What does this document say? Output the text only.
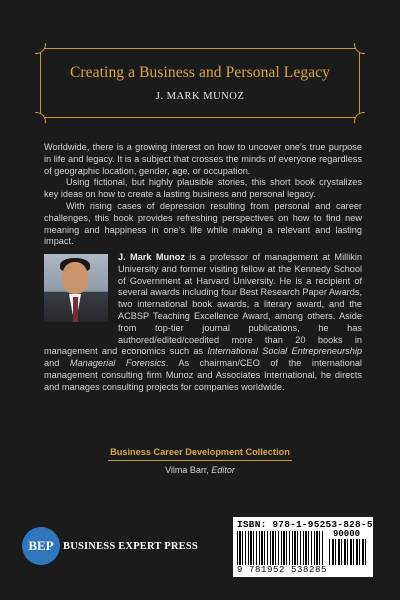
Creating a Business and Personal Legacy
J. MARK MUNOZ

Worldwide, there is a growing interest on how to uncover one’s true purpose in life and legacy. It is a subject that crosses the minds of everyone regardless of geographic location, gender, age, or occupation.

Using fictional, but highly plausible stories, this short book crystalizes key ideas on how to create a lasting business and personal legacy.

With rising cases of depression resulting from personal and career challenges, this book provides refreshing perspectives on how to find new meaning and happiness in one’s life while making a relevant and lasting impact.

J. Mark Munoz is a professor of management at Millikin University and former visiting fellow at the Kennedy School of Government at Harvard University. He is a recipient of several awards including four Best Research Paper Awards, two international book awards, a literary award, and the ACBSP Teaching Excellence Award, among others. Aside from top-tier journal publications, he has authored/edited/coedited more than 20 books in management and economics such as International Social Entrepreneurship and Managerial Forensics. As chairman/CEO of the international management consulting firm Munoz and Associates International, he directs and manages consulting projects for companies worldwide.
Business Career Development Collection
Vilma Barr, Editor
BEP BUSINESS EXPERT PRESS
ISBN: 978-1-95253-828-5
90000
9 781952 538285
